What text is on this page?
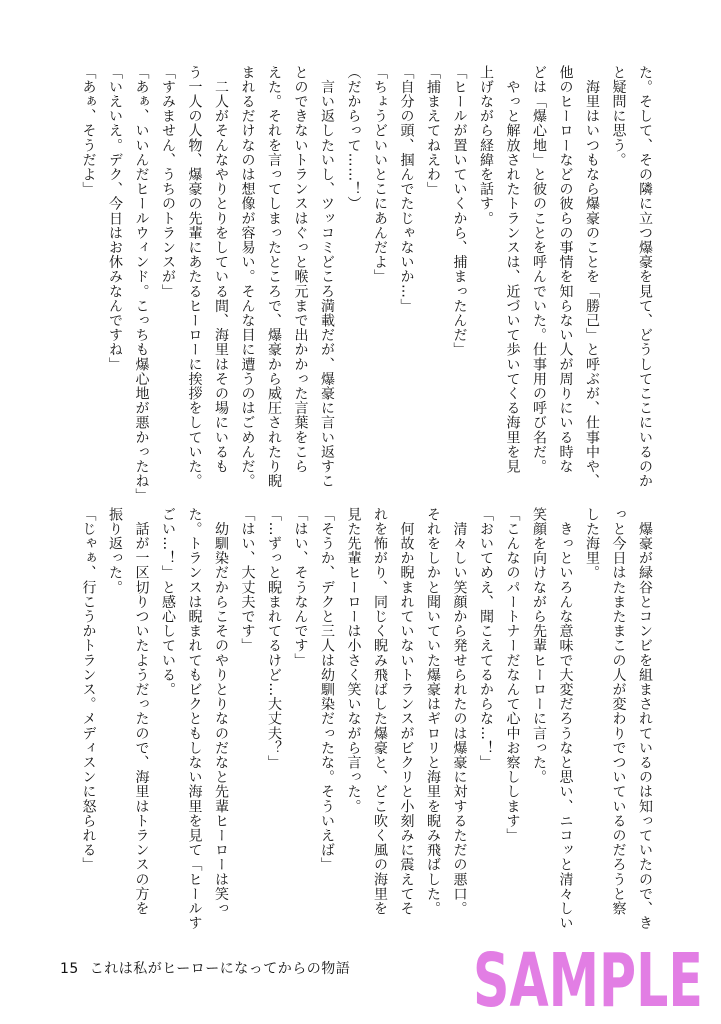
た。そして、その隣に立つ爆豪を見て、どうしてここにいるのか
と疑問に思う。
　海里はいつもなら爆豪のことを「勝己」と呼ぶが、仕事中や、
他のヒーローなどの彼らの事情を知らない人が周りにいる時な
どは「爆心地」と彼のことを呼んでいた。仕事用の呼び名だ。
　やっと解放されたトランスは、近づいて歩いてくる海里を見
上げながら経緯を話す。
「ヒールが置いていくから、捕まったんだ」
「捕まえてねえわ」
「自分の頭、掴んでたじゃないか…」
「ちょうどいいとこにあんだよ」
（だからって……！）
　言い返したいし、ツッコミどころ満載だが、爆豪に言い返すこ
とのできないトランスはぐっと喉元まで出かかった言葉をこら
えた。それを言ってしまったところで、爆豪から威圧されたり睨
まれるだけなのは想像が容易い。そんな目に遭うのはごめんだ。
　二人がそんなやりとりをしている間、海里はその場にいるも
う一人の人物、爆豪の先輩にあたるヒーローに挨拶をしていた。
「すみません、うちのトランスが」
「あぁ、いいんだヒールウィンド。こっちも爆心地が悪かったね」
「いえいえ。デク、今日はお休みなんですね」
「あぁ、そうだよ」
　爆豪が緑谷とコンビを組まされているのは知っていたので、き
っと今日はたまたまこの人が変わりでついているのだろうと察
した海里。
　きっといろんな意味で大変だろうなと思い、ニコッと清々しい
笑顔を向けながら先輩ヒーローに言った。
「こんなのパートナーだなんて心中お察しします」
「おいてめえ、聞こえてるからな…！」
　清々しい笑顔から発せられたのは爆豪に対するただの悪口。
それをしかと聞いていた爆豪はギロリと海里を睨み飛ばした。
　何故か睨まれていないトランスがビクリと小刻みに震えてそ
れを怖がり、同じく睨み飛ばした爆豪と、どこ吹く風の海里を
見た先輩ヒーローは小さく笑いながら言った。
「そうか、デクと三人は幼馴染だったな。そういえば」
「はい、そうなんです」
「…ずっと睨まれてるけど…大丈夫？」
「はい、大丈夫です」
　幼馴染だからこそのやりとりなのだなと先輩ヒーローは笑っ
た。トランスは睨まれてもビクともしない海里を見て「ヒールす
ごい…！」と感心している。
　話が一区切りついたようだったので、海里はトランスの方を
振り返った。
「じゃぁ、行こうかトランス。メディスンに怒られる」
15 これは私がヒーローになってからの物語 SAMPLE
